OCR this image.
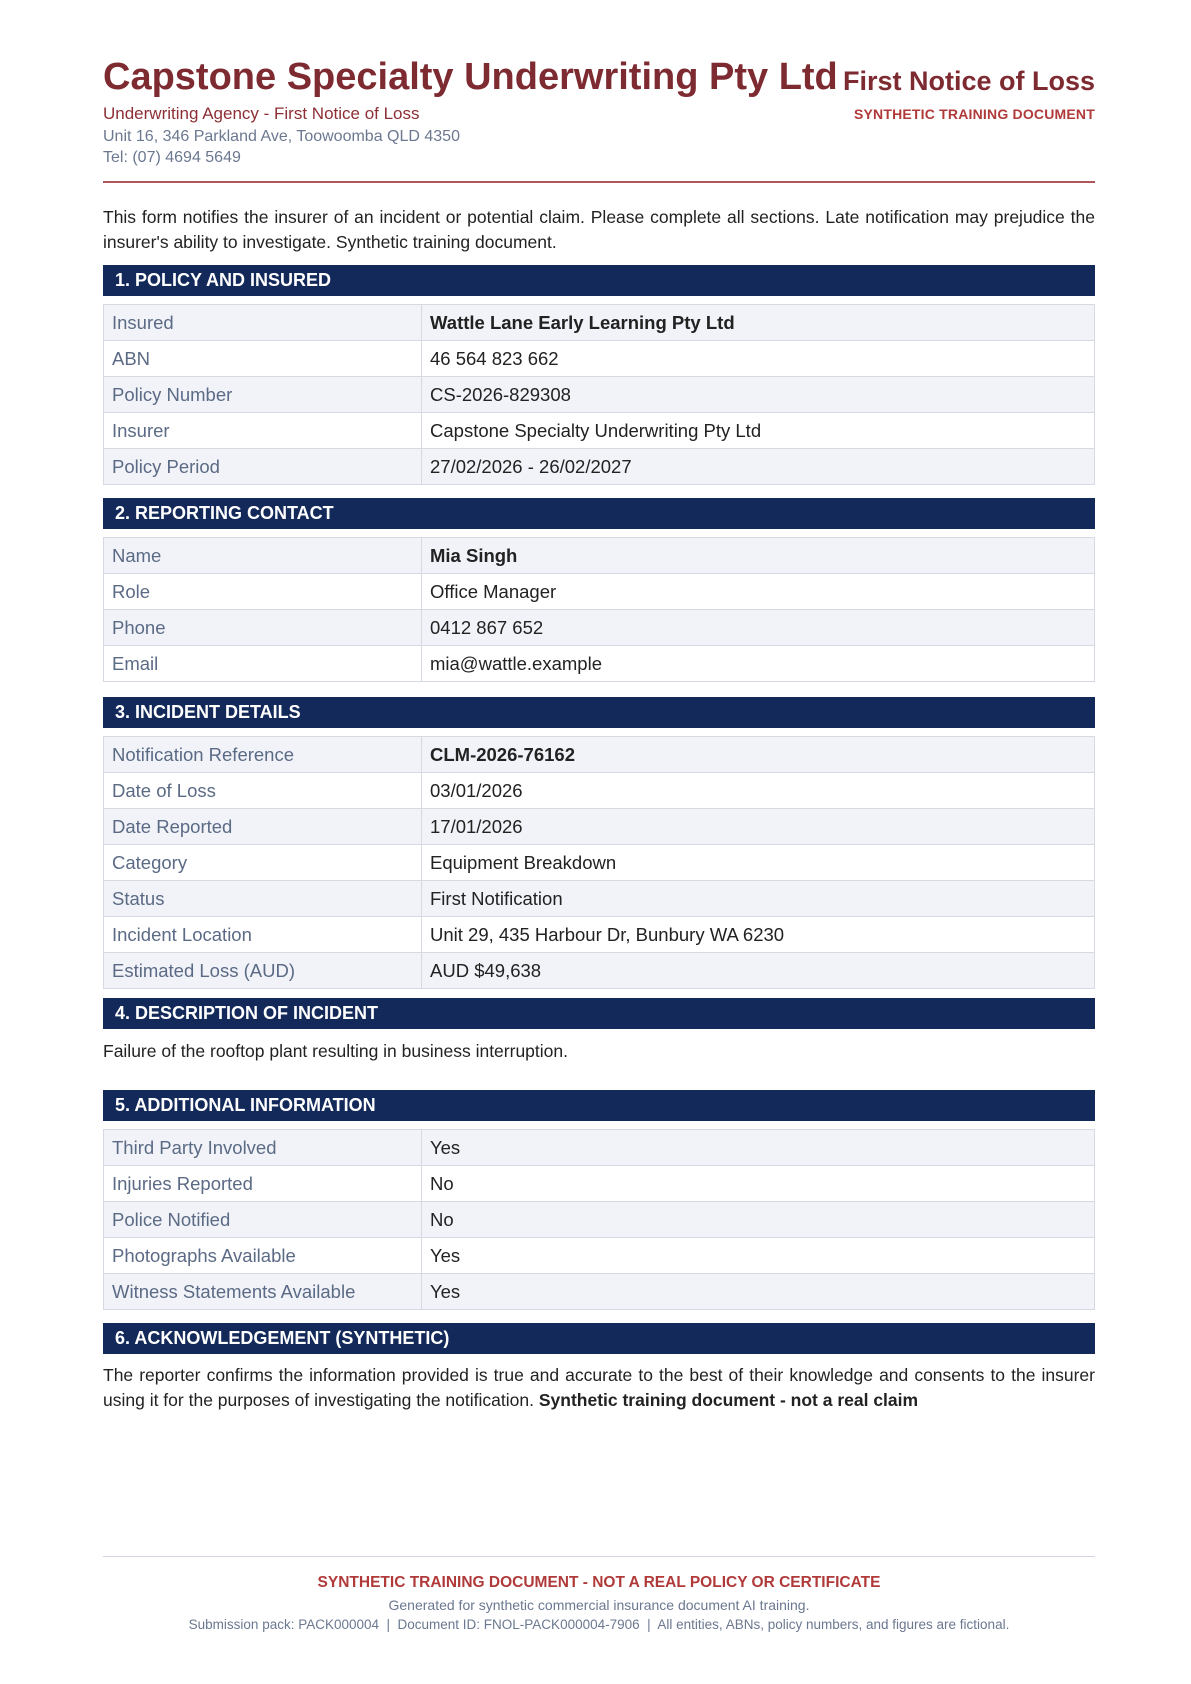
Capstone Specialty Underwriting Pty Ltd
Underwriting Agency - First Notice of Loss
Unit 16, 346 Parkland Ave, Toowoomba QLD 4350
Tel: (07) 4694 5649
First Notice of Loss
SYNTHETIC TRAINING DOCUMENT
This form notifies the insurer of an incident or potential claim. Please complete all sections. Late notification may prejudice the insurer's ability to investigate. Synthetic training document.
1. POLICY AND INSURED
Insured	Wattle Lane Early Learning Pty Ltd
ABN	46 564 823 662
Policy Number	CS-2026-829308
Insurer	Capstone Specialty Underwriting Pty Ltd
Policy Period	27/02/2026 - 26/02/2027
2. REPORTING CONTACT
Name	Mia Singh
Role	Office Manager
Phone	0412 867 652
Email	mia@wattle.example
3. INCIDENT DETAILS
Notification Reference	CLM-2026-76162
Date of Loss	03/01/2026
Date Reported	17/01/2026
Category	Equipment Breakdown
Status	First Notification
Incident Location	Unit 29, 435 Harbour Dr, Bunbury WA 6230
Estimated Loss (AUD)	AUD $49,638
4. DESCRIPTION OF INCIDENT
Failure of the rooftop plant resulting in business interruption.
5. ADDITIONAL INFORMATION
Third Party Involved	Yes
Injuries Reported	No
Police Notified	No
Photographs Available	Yes
Witness Statements Available	Yes
6. ACKNOWLEDGEMENT (SYNTHETIC)
The reporter confirms the information provided is true and accurate to the best of their knowledge and consents to the insurer using it for the purposes of investigating the notification. Synthetic training document - not a real claim
SYNTHETIC TRAINING DOCUMENT - NOT A REAL POLICY OR CERTIFICATE
Generated for synthetic commercial insurance document AI training.
Submission pack: PACK000004  |  Document ID: FNOL-PACK000004-7906  |  All entities, ABNs, policy numbers, and figures are fictional.
